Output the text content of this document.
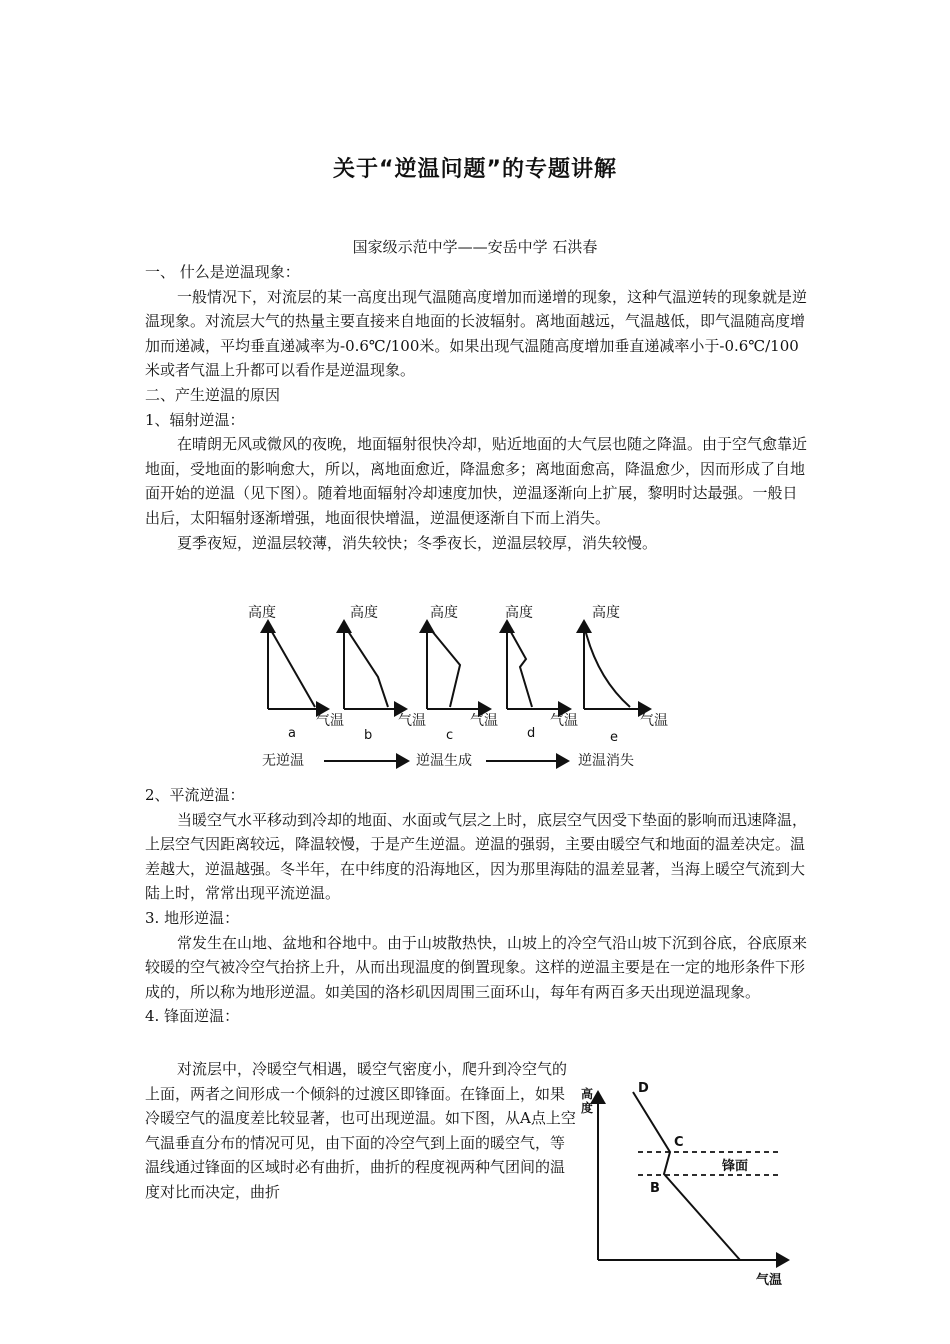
关于“逆温问题”的专题讲解
国家级示范中学——安岳中学 石洪春

一、 什么是逆温现象：

一般情况下，对流层的某一高度出现气温随高度增加而递增的现象，这种气温逆转的现象就是逆温现象。对流层大气的热量主要直接来自地面的长波辐射。离地面越远，气温越低，即气温随高度增加而递减，平均垂直递减率为-0.6℃/100米。如果出现气温随高度增加垂直递减率小于-0.6℃/100米或者气温上升都可以看作是逆温现象。

二、产生逆温的原因

1、辐射逆温：

在晴朗无风或微风的夜晚，地面辐射很快冷却，贴近地面的大气层也随之降温。由于空气愈靠近地面，受地面的影响愈大，所以，离地面愈近，降温愈多；离地面愈高，降温愈少，因而形成了自地面开始的逆温（见下图）。随着地面辐射冷却速度加快，逆温逐渐向上扩展，黎明时达最强。一般日出后，太阳辐射逐渐增强，地面很快增温，逆温便逐渐自下而上消失。

夏季夜短，逆温层较薄，消失较快；冬季夜长，逆温层较厚，消失较慢。

高度	高度	高度	高度	高度
气温	气温	气温	气温	气温
a	b	c	d	e
无逆温	逆温生成	逆温消失

2、平流逆温：

当暖空气水平移动到冷却的地面、水面或气层之上时，底层空气因受下垫面的影响而迅速降温，上层空气因距离较远，降温较慢，于是产生逆温。逆温的强弱，主要由暖空气和地面的温差决定。温差越大，逆温越强。冬半年，在中纬度的沿海地区，因为那里海陆的温差显著，当海上暖空气流到大陆上时，常常出现平流逆温。

3. 地形逆温：

常发生在山地、盆地和谷地中。由于山坡散热快，山坡上的冷空气沿山坡下沉到谷底，谷底原来较暖的空气被冷空气抬挤上升，从而出现温度的倒置现象。这样的逆温主要是在一定的地形条件下形成的，所以称为地形逆温。如美国的洛杉矶因周围三面环山，每年有两百多天出现逆温现象。

4. 锋面逆温：

对流层中，冷暖空气相遇，暖空气密度小，爬升到冷空气的上面，两者之间形成一个倾斜的过渡区即锋面。在锋面上，如果冷暖空气的温度差比较显著，也可出现逆温。如下图，从A点上空气温垂直分布的情况可见，由下面的冷空气到上面的暖空气，等温线通过锋面的区域时必有曲折，曲折的程度视两种气团间的温度对比而决定，曲折

高
度
D
C
B
锋面
气温
